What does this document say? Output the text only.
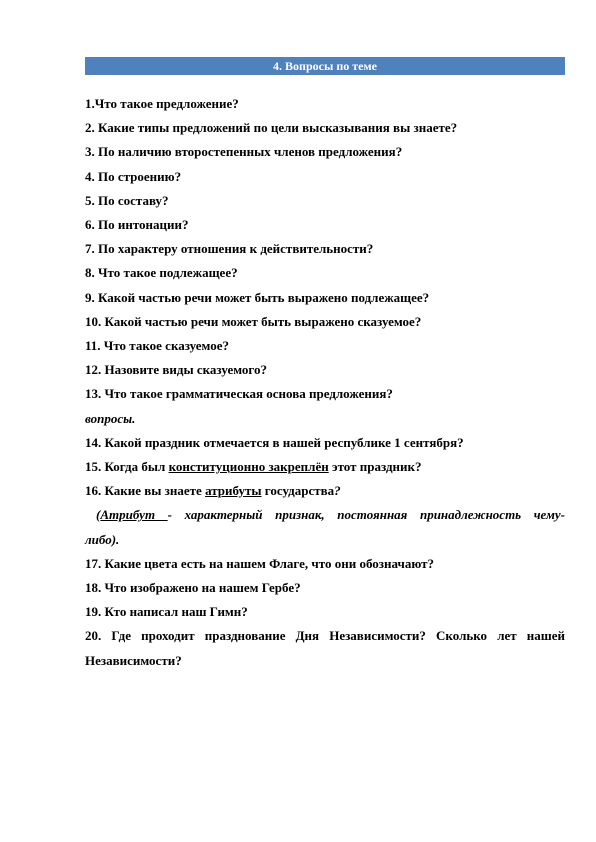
4. Вопросы по теме
1.Что такое предложение?
2. Какие типы предложений по цели высказывания вы знаете?
3. По наличию второстепенных членов предложения?
4. По строению?
5. По составу?
6. По интонации?
7. По характеру отношения к действительности?
8. Что такое подлежащее?
9. Какой частью речи может быть выражено подлежащее?
10. Какой частью речи может быть выражено сказуемое?
11. Что такое сказуемое?
12. Назовите виды сказуемого?
13. Что такое грамматическая основа предложения?
вопросы.
14. Какой праздник отмечается в нашей республике 1 сентября?
15. Когда был конституционно закреплён этот праздник?
16. Какие вы знаете атрибуты государства?
(Атрибут - характерный признак, постоянная принадлежность чему-
либо).
17. Какие цвета есть на нашем Флаге, что они обозначают?
18. Что изображено на нашем Гербе?
19. Кто написал наш Гимн?
20. Где проходит празднование Дня Независимости? Сколько лет нашей
Независимости?
